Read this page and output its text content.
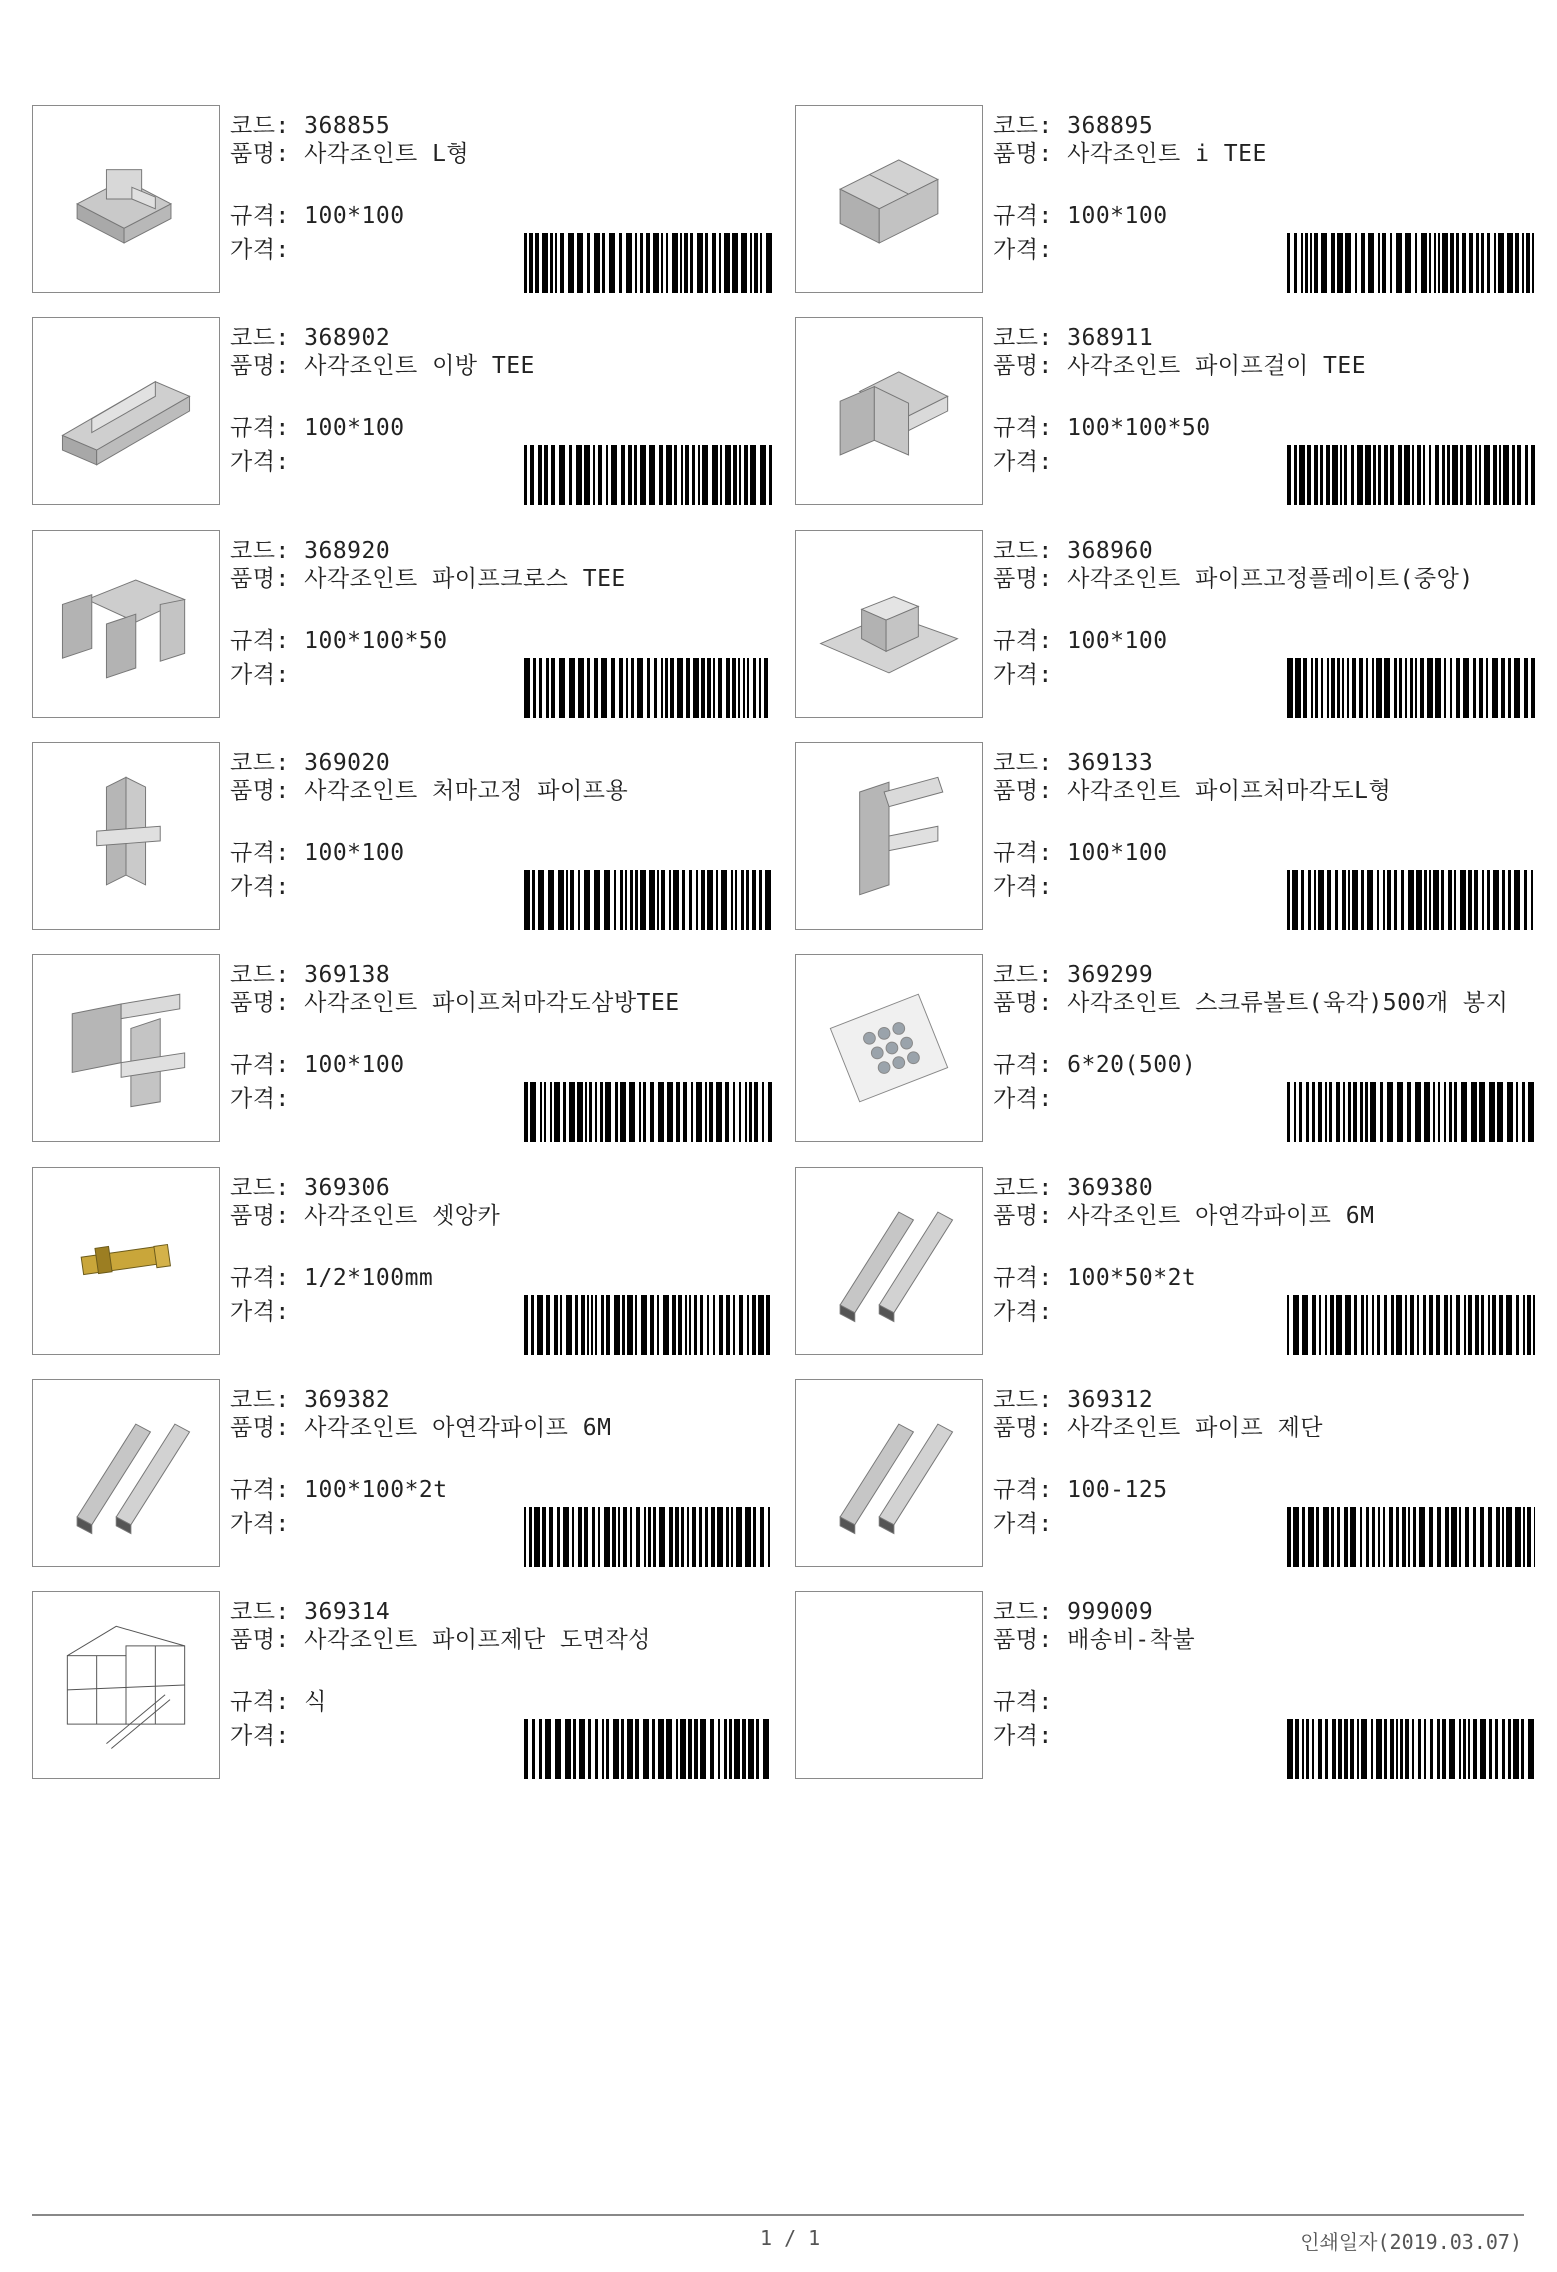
코드: 368855
품명: 사각조인트 L형
규격: 100*100
가격:
코드: 368895
품명: 사각조인트 i TEE
규격: 100*100
가격:
코드: 368902
품명: 사각조인트 이방 TEE
규격: 100*100
가격:
코드: 368911
품명: 사각조인트 파이프걸이 TEE
규격: 100*100*50
가격:
코드: 368920
품명: 사각조인트 파이프크로스 TEE
규격: 100*100*50
가격:
코드: 368960
품명: 사각조인트 파이프고정플레이트(중앙)
규격: 100*100
가격:
코드: 369020
품명: 사각조인트 처마고정 파이프용
규격: 100*100
가격:
코드: 369133
품명: 사각조인트 파이프처마각도L형
규격: 100*100
가격:
코드: 369138
품명: 사각조인트 파이프처마각도삼방TEE
규격: 100*100
가격:
코드: 369299
품명: 사각조인트 스크류볼트(육각)500개 봉지
규격: 6*20(500)
가격:
코드: 369306
품명: 사각조인트 셋앙카
규격: 1/2*100mm
가격:
코드: 369380
품명: 사각조인트 아연각파이프 6M
규격: 100*50*2t
가격:
코드: 369382
품명: 사각조인트 아연각파이프 6M
규격: 100*100*2t
가격:
코드: 369312
품명: 사각조인트 파이프 제단
규격: 100-125
가격:
코드: 369314
품명: 사각조인트 파이프제단 도면작성
규격: 식
가격:
코드: 999009
품명: 배송비-착불
규격:
가격:
1 / 1	인쇄일자(2019.03.07)
